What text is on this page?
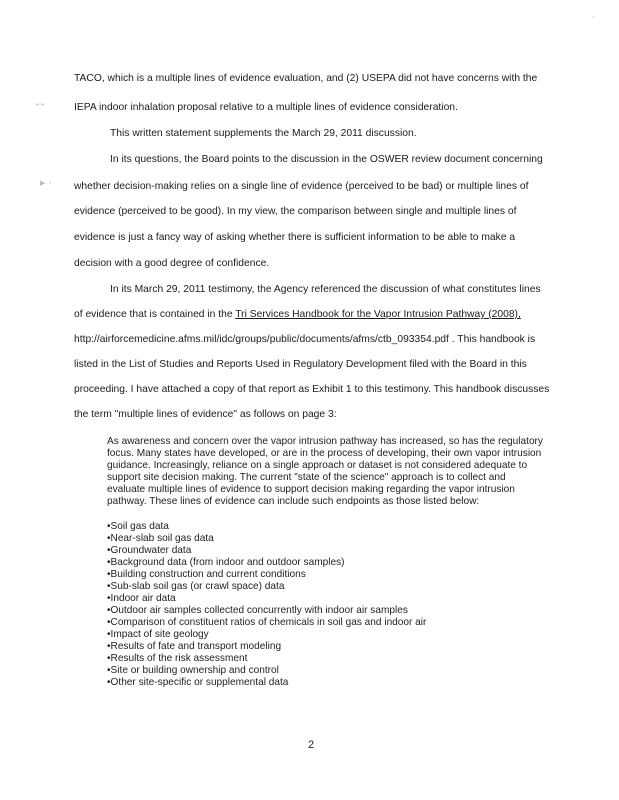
▪ ▪
▸ ·
▫
·
TACO, which is a multiple lines of evidence evaluation, and (2) USEPA did not have concerns with the
IEPA indoor inhalation proposal relative to a multiple lines of evidence consideration.
This written statement supplements the March 29, 2011 discussion.
In its questions, the Board points to the discussion in the OSWER review document concerning
whether decision-making relies on a single line of evidence (perceived to be bad) or multiple lines of
evidence (perceived to be good). In my view, the comparison between single and multiple lines of
evidence is just a fancy way of asking whether there is sufficient information to be able to make a
decision with a good degree of confidence.
In its March 29, 2011 testimony, the Agency referenced the discussion of what constitutes lines
of evidence that is contained in the Tri Services Handbook for the Vapor Intrusion Pathway (2008),
http://airforcemedicine.afms.mil/idc/groups/public/documents/afms/ctb_093354.pdf . This handbook is
listed in the List of Studies and Reports Used in Regulatory Development filed with the Board in this
proceeding. I have attached a copy of that report as Exhibit 1 to this testimony. This handbook discusses
the term "multiple lines of evidence" as follows on page 3:
As awareness and concern over the vapor intrusion pathway has increased, so has the regulatory
focus. Many states have developed, or are in the process of developing, their own vapor intrusion
guidance. Increasingly, reliance on a single approach or dataset is not considered adequate to
support site decision making. The current "state of the science" approach is to collect and
evaluate multiple lines of evidence to support decision making regarding the vapor intrusion
pathway. These lines of evidence can include such endpoints as those listed below:
•Soil gas data
•Near-slab soil gas data
•Groundwater data
•Background data (from indoor and outdoor samples)
•Building construction and current conditions
•Sub-slab soil gas (or crawl space) data
•Indoor air data
•Outdoor air samples collected concurrently with indoor air samples
•Comparison of constituent ratios of chemicals in soil gas and indoor air
•Impact of site geology
•Results of fate and transport modeling
•Results of the risk assessment
•Site or building ownership and control
•Other site-specific or supplemental data
2
